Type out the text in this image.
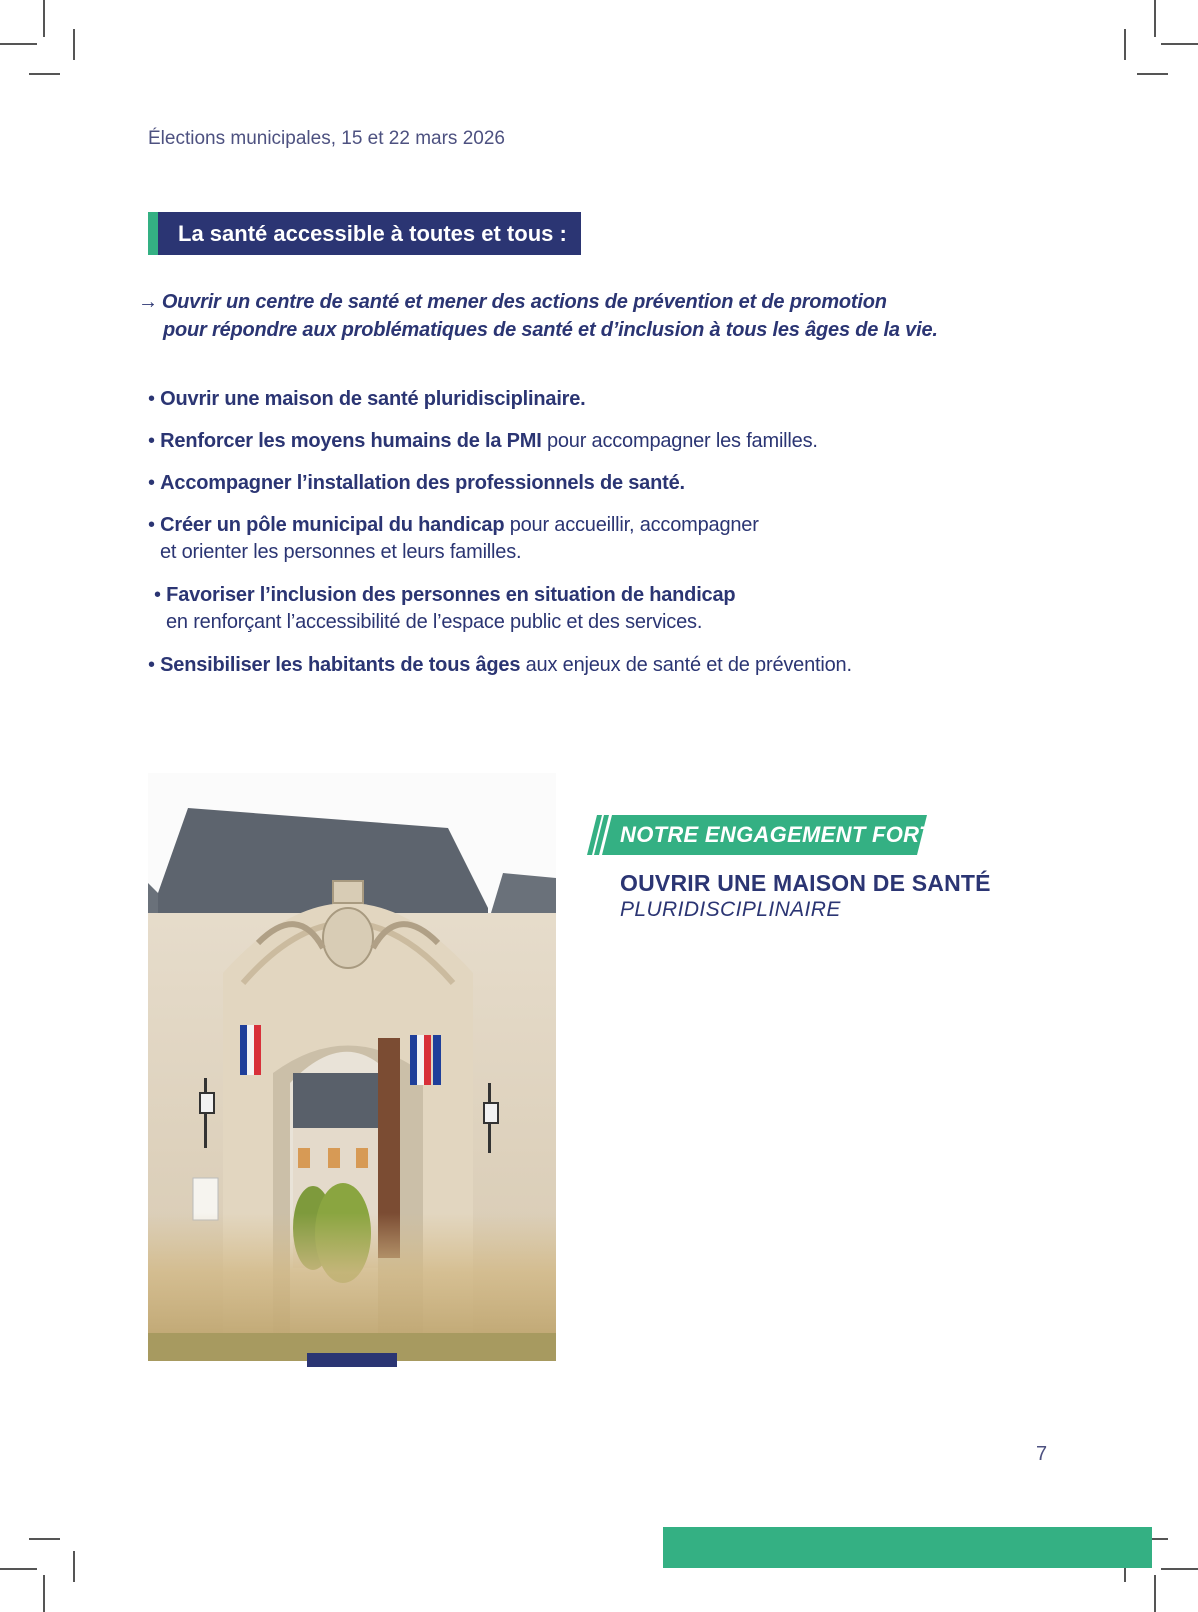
Élections municipales, 15 et 22 mars 2026
La santé accessible à toutes et tous :
→ Ouvrir un centre de santé et mener des actions de prévention et de promotion
pour répondre aux problématiques de santé et d’inclusion à tous les âges de la vie.
• Ouvrir une maison de santé pluridisciplinaire.
• Renforcer les moyens humains de la PMI pour accompagner les familles.
• Accompagner l’installation des professionnels de santé.
• Créer un pôle municipal du handicap pour accueillir, accompagner
et orienter les personnes et leurs familles.
• Favoriser l’inclusion des personnes en situation de handicap
en renforçant l’accessibilité de l’espace public et des services.
• Sensibiliser les habitants de tous âges aux enjeux de santé et de prévention.
NOTRE ENGAGEMENT FORT :
OUVRIR UNE MAISON DE SANTÉ
PLURIDISCIPLINAIRE
7
